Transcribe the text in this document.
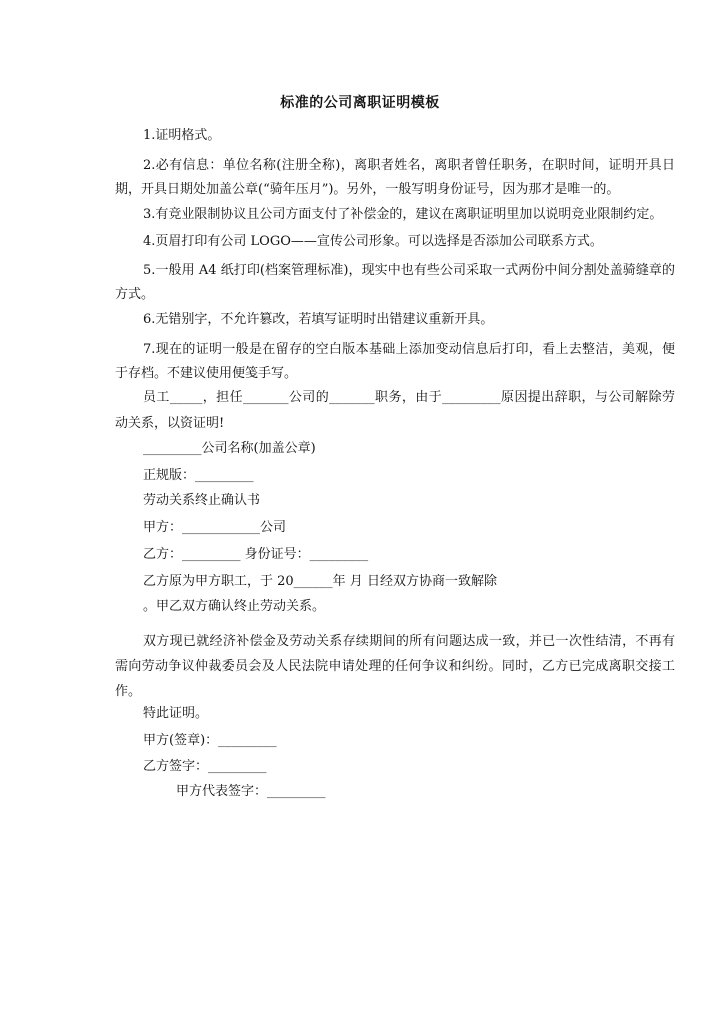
标准的公司离职证明模板
1.证明格式。
2.必有信息：单位名称(注册全称)，离职者姓名，离职者曾任职务，在职时间，证明开具日期，开具日期处加盖公章(“骑年压月”)。另外，一般写明身份证号，因为那才是唯一的。
3.有竞业限制协议且公司方面支付了补偿金的，建议在离职证明里加以说明竞业限制约定。
4.页眉打印有公司 LOGO——宣传公司形象。可以选择是否添加公司联系方式。
5.一般用 A4 纸打印(档案管理标准)，现实中也有些公司采取一式两份中间分割处盖骑缝章的方式。
6.无错别字，不允许篡改，若填写证明时出错建议重新开具。
7.现在的证明一般是在留存的空白版本基础上添加变动信息后打印，看上去整洁，美观，便于存档。不建议使用便笺手写。
员工_____，担任_______公司的_______职务，由于_________原因提出辞职，与公司解除劳动关系，以资证明!
_________公司名称(加盖公章)
正规版：_________
劳动关系终止确认书
甲方：____________公司
乙方：_________ 身份证号：_________
乙方原为甲方职工，于 20______年 月 日经双方协商一致解除
。甲乙双方确认终止劳动关系。
双方现已就经济补偿金及劳动关系存续期间的所有问题达成一致，并已一次性结清，不再有需向劳动争议仲裁委员会及人民法院申请处理的任何争议和纠纷。同时，乙方已完成离职交接工作。
特此证明。
甲方(签章)：_________
乙方签字：_________
甲方代表签字：_________
